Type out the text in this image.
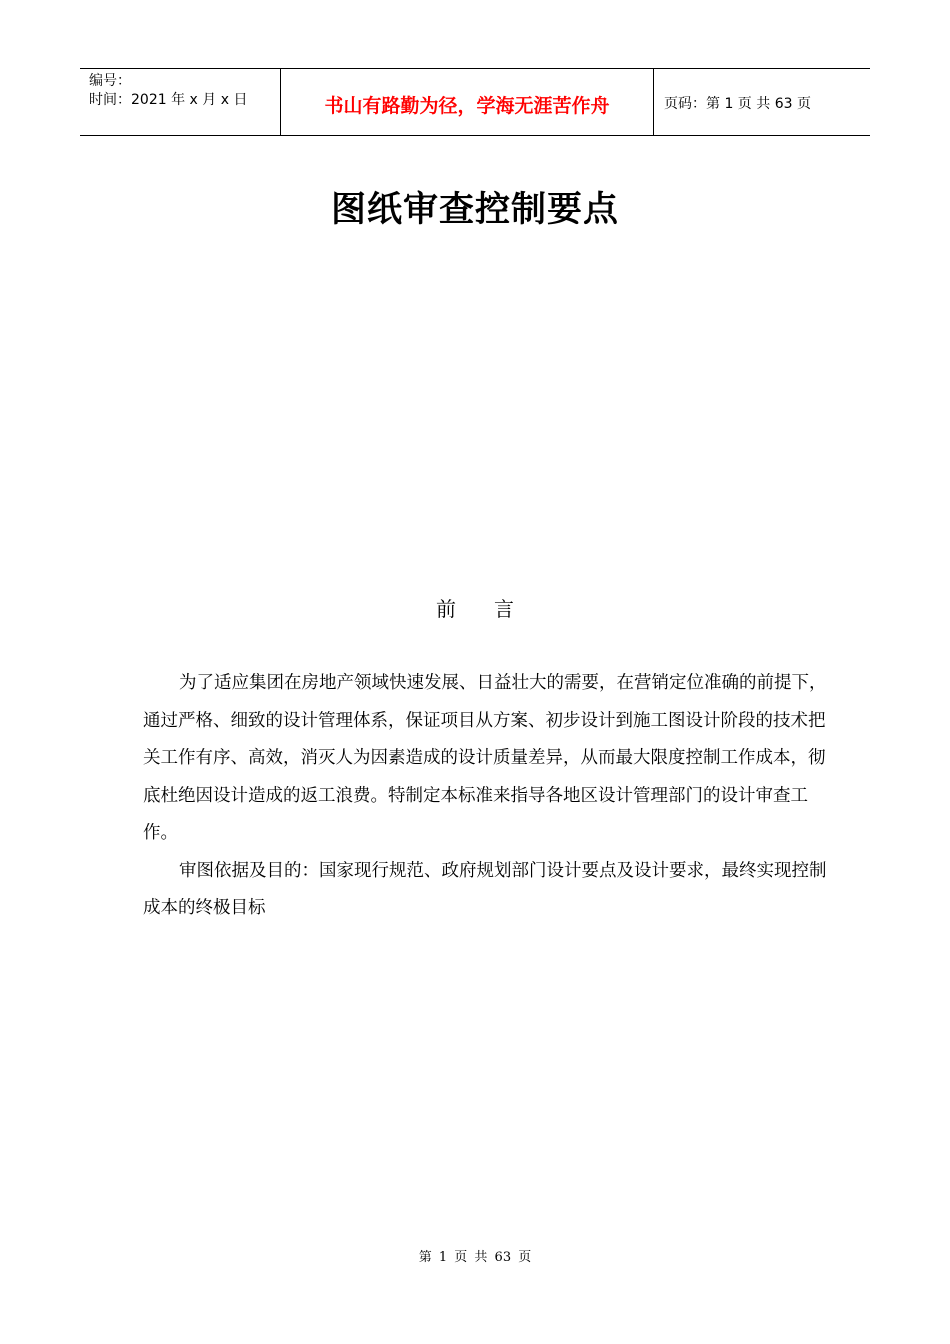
编号：
时间：2021 年 x 月 x 日	书山有路勤为径，学海无涯苦作舟	页码：第 1 页 共 63 页
图纸审查控制要点
前 言

为了适应集团在房地产领域快速发展、日益壮大的需要，在营销定位准确的前提下，通过严格、细致的设计管理体系，保证项目从方案、初步设计到施工图设计阶段的技术把关工作有序、高效，消灭人为因素造成的设计质量差异，从而最大限度控制工作成本，彻底杜绝因设计造成的返工浪费。特制定本标准来指导各地区设计管理部门的设计审查工作。

审图依据及目的：国家现行规范、政府规划部门设计要点及设计要求，最终实现控制成本的终极目标

第 1 页 共 63 页
